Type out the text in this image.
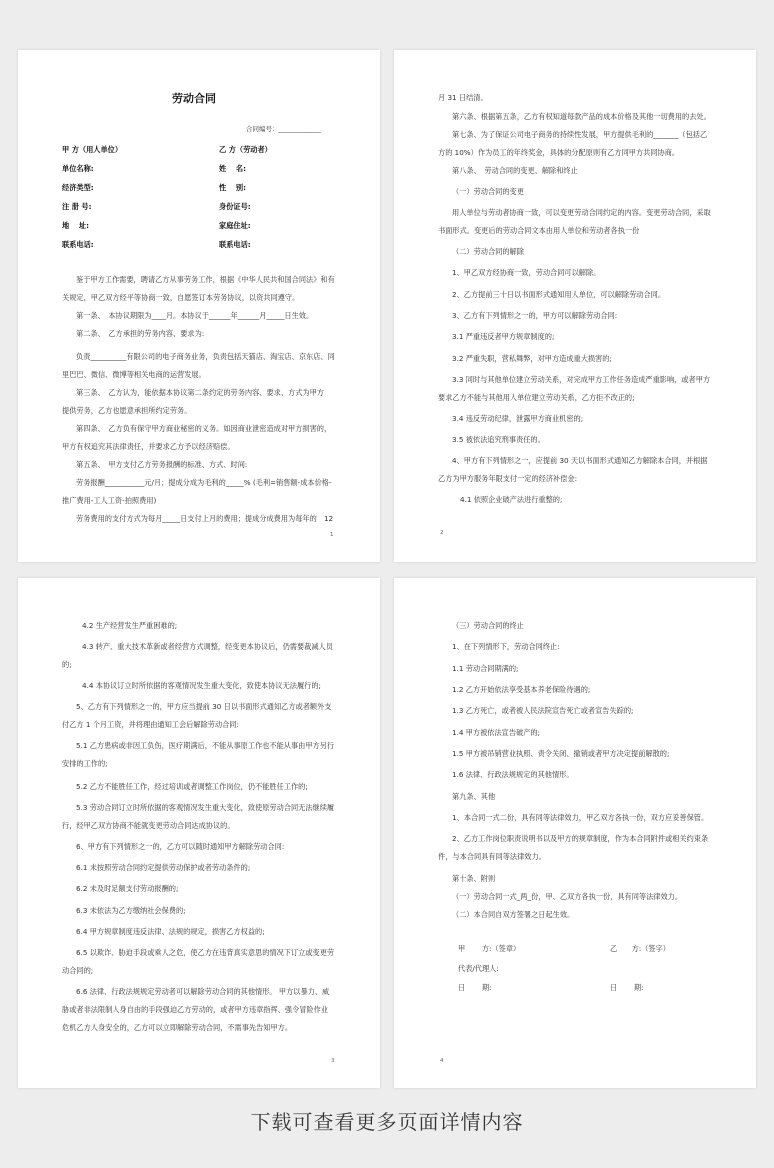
劳动合同
合同编号：_____________
甲 方（用人单位）	乙 方（劳动者）
单位名称:	姓　 名:
经济类型:	性　 别:
注 册 号:	身份证号:
地　 址:	家庭住址:
联系电话:	联系电话:
鉴于甲方工作需要，聘请乙方从事劳务工作，根据《中华人民共和国合同法》和有
关规定，甲乙双方经平等协商一致，自愿签订本劳务协议，以资共同遵守。
第一条、　本协议期限为____月。本协议于______年______月_____日生效。
第二条、　乙方承担的劳务内容、要求为:
负责__________有限公司的电子商务业务，负责包括天猫店、淘宝店、京东店、同
里巴巴、微信、微博等相关电商的运营发展。
第三条、　乙方认为，能依据本协议第二条约定的劳务内容、要求、方式为甲方
提供劳务，乙方也愿意承担所约定劳务。
第四条、　乙方负有保守甲方商业秘密的义务。如因商业泄密造成对甲方损害的，
甲方有权追究其法律责任，并要求乙方予以经济赔偿。
第五条、　甲方支付乙方劳务报酬的标准、方式、时间:
劳务报酬___________元/月；提成分成为毛利的_____% (毛利=销售额-成本价格-
推广费用-工人工资-拍照费用)
劳务费用的支付方式为每月_____日支付上月的费用；提成分成费用为每年的　12
1
月 31 日结清。
第六条、根据第五条，乙方有权知道每款产品的成本价格及其他一切费用的去处。
第七条、为了保证公司电子商务的持续性发展，甲方提供毛利的_______（包括乙
方的 10%）作为员工的年终奖金，具体的分配原则有乙方同甲方共同协商。
第八条、　劳动合同的变更、解除和终止
（一）劳动合同的变更
用人单位与劳动者协商一致，可以变更劳动合同约定的内容。变更劳动合同，采取
书面形式。变更后的劳动合同文本由用人单位和劳动者各执一份
（二）劳动合同的解除
1、甲乙双方经协商一致，劳动合同可以解除。
2、乙方提前三十日以书面形式通知用人单位，可以解除劳动合同。
3、乙方有下列情形之一的，甲方可以解除劳动合同:
3.1 严重违反者甲方规章制度的;
3.2 严重失职，营私舞弊，对甲方造成重大损害的;
3.3 同时与其他单位建立劳动关系，对完成甲方工作任务造成严重影响，或者甲方
要求乙方不能与其他用人单位建立劳动关系，乙方拒不改正的;
3.4 违反劳动纪律，泄露甲方商业机密的;
3.5 被依法追究刑事责任的。
4、甲方有下列情形之一，应提前 30 天以书面形式通知乙方解除本合同，并根据
乙方为甲方服务年限支付一定的经济补偿金:
4.1 依照企业破产法进行重整的;
2
4.2 生产经营发生严重困难的;
4.3 转产、重大技术革新或者经营方式调整，经变更本协议后，仍需要裁减人员
的;
4.4 本协议订立时所依据的客观情况发生重大变化，致使本协议无法履行的;
5、乙方有下列情形之一的，甲方应当提前 30 日以书面形式通知乙方或者额外支
付乙方 1 个月工资，并将理由通知工会后解除劳动合同:
5.1 乙方患病或非因工负伤，医疗期满后，不能从事原工作也不能从事由甲方另行
安排的工作的;
5.2 乙方不能胜任工作，经过培训或者调整工作岗位，仍不能胜任工作的;
5.3 劳动合同订立时所依据的客观情况发生重大变化，致使原劳动合同无法继续履
行，经甲乙双方协商不能就变更劳动合同达成协议的。
6、甲方有下列情形之一的，乙方可以随时通知甲方解除劳动合同:
6.1 未按照劳动合同约定提供劳动保护或者劳动条件的;
6.2 未及时足额支付劳动报酬的;
6.3 未依法为乙方缴纳社会保费的;
6.4 甲方规章制度违反法律、法规的规定，损害乙方权益的;
6.5 以欺诈、胁迫手段或乘人之危，使乙方在违背真实意思的情况下订立或变更劳
动合同的;
6.6 法律、行政法规规定劳动者可以解除劳动合同的其他情形。 甲方以暴力、威
胁或者非法限制人身自由的手段强迫乙方劳动的，或者甲方违章指挥、强令冒险作业
危机乙方人身安全的，乙方可以立即解除劳动合同，不需事先告知甲方。
3
（三）劳动合同的终止
1、在下列情形下，劳动合同终止:
1.1 劳动合同期满的;
1.2 乙方开始依法享受基本养老保险待遇的;
1.3 乙方死亡，或者被人民法院宣告死亡或者宣告失踪的;
1.4 甲方被依法宣告破产的;
1.5 甲方被吊销营业执照、责令关闭、撤销或者甲方决定提前解散的;
1.6 法律、行政法规规定的其他情形。
第九条、其他
1、本合同一式二份，具有同等法律效力，甲乙双方各执一份，双方应妥善保管。
2、乙方工作岗位职责说明书以及甲方的规章制度，作为本合同附件或相关约束条
件，与本合同具有同等法律效力。
第十条、附则
（一）劳动合同一式_两_份，甲、乙双方各执一份，具有同等法律效力。
（二）本合同自双方签署之日起生效。
甲　　 方:（签章）	乙　　方:（签字）
代表/代理人:
日　　 期:	日　　 期:
4
下载可查看更多页面详情内容
